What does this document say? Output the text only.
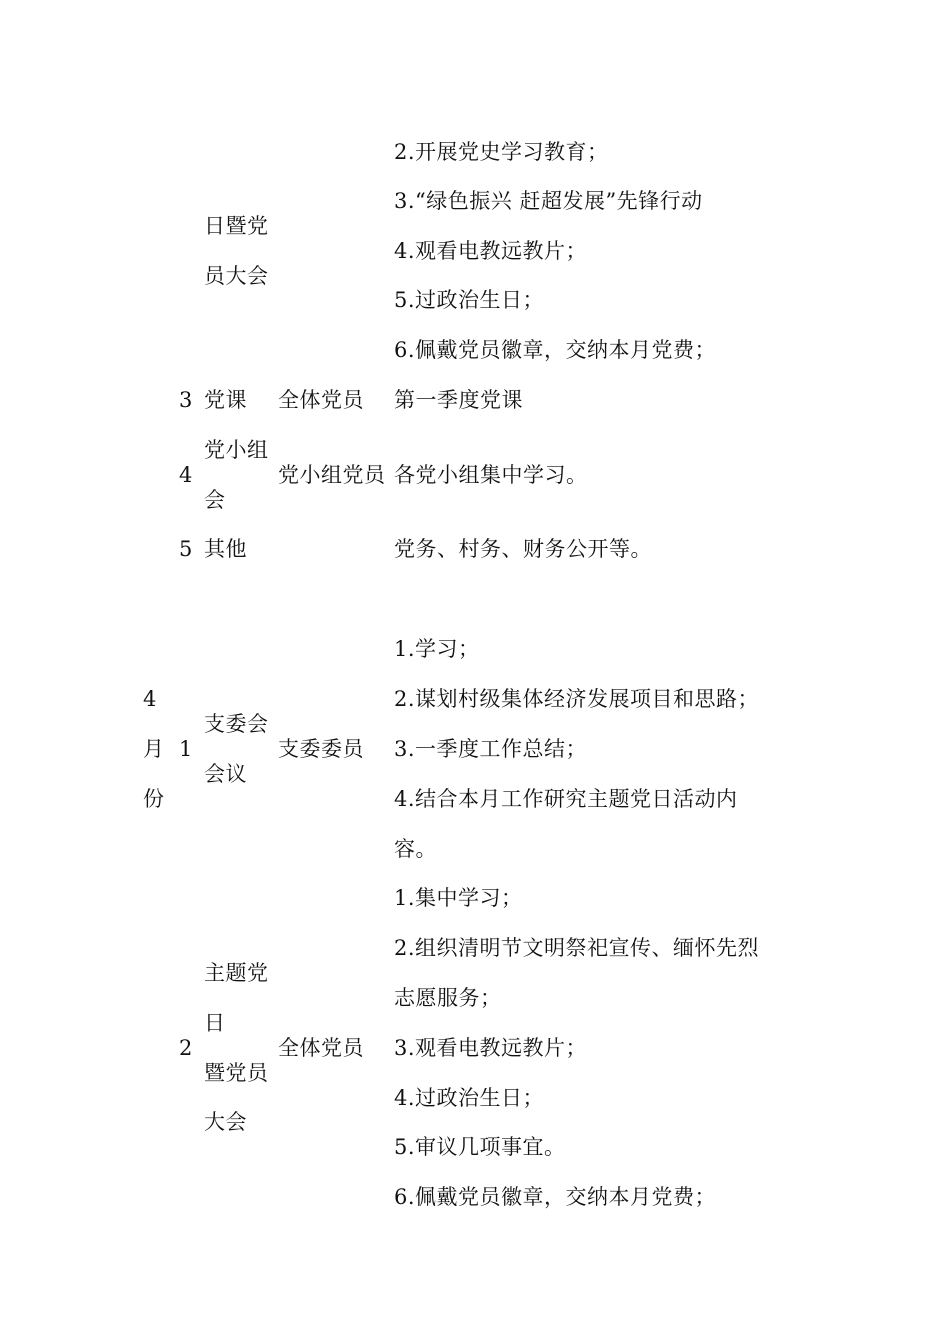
日暨党
员大会
2.开展党史学习教育；
3.“绿色振兴 赶超发展”先锋行动
4.观看电教远教片；
5.过政治生日；
6.佩戴党员徽章，交纳本月党费；
3 党课 全体党员 第一季度党课
4
党小组
会
党小组党员 各党小组集中学习。
5 其他	党务、村务、财务公开等。
4
月
份
1
支委会
会议
支委委员
1.学习；
2.谋划村级集体经济发展项目和思路；
3.一季度工作总结；
4.结合本月工作研究主题党日活动内
容。
2
主题党
日
暨党员
大会
全体党员
1.集中学习；
2.组织清明节文明祭祀宣传、缅怀先烈
志愿服务；
3.观看电教远教片；
4.过政治生日；
5.审议几项事宜。
6.佩戴党员徽章，交纳本月党费；
